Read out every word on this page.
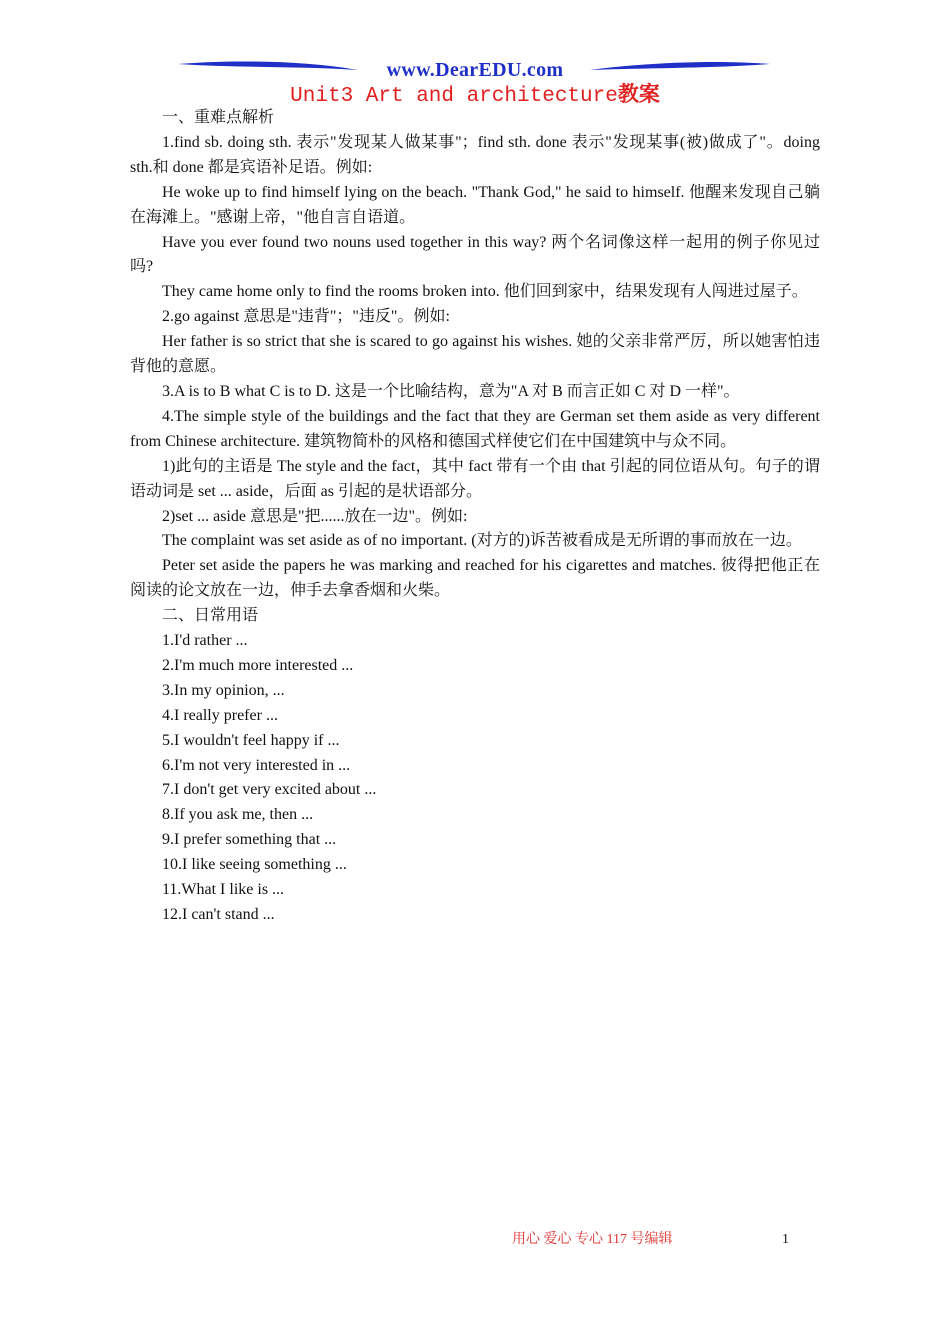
www.DearEDU.com
Unit3 Art and architecture教案

一、重难点解析

1.find sb. doing sth. 表示"发现某人做某事"；find sth. done 表示"发现某事(被)做成了"。doing sth.和 done 都是宾语补足语。例如:

He woke up to find himself lying on the beach. "Thank God," he said to himself. 他醒来发现自己躺在海滩上。"感谢上帝，"他自言自语道。

Have you ever found two nouns used together in this way? 两个名词像这样一起用的例子你见过吗?

They came home only to find the rooms broken into. 他们回到家中，结果发现有人闯进过屋子。

2.go against 意思是"违背"；"违反"。例如:

Her father is so strict that she is scared to go against his wishes. 她的父亲非常严厉，所以她害怕违背他的意愿。

3.A is to B what C is to D. 这是一个比喻结构，意为"A 对 B 而言正如 C 对 D 一样"。

4.The simple style of the buildings and the fact that they are German set them aside as very different from Chinese architecture. 建筑物简朴的风格和德国式样使它们在中国建筑中与众不同。

1)此句的主语是 The style and the fact，其中 fact 带有一个由 that 引起的同位语从句。句子的谓语动词是 set ... aside，后面 as 引起的是状语部分。

2)set ... aside 意思是"把......放在一边"。例如:

The complaint was set aside as of no important. (对方的)诉苦被看成是无所谓的事而放在一边。

Peter set aside the papers he was marking and reached for his cigarettes and matches. 彼得把他正在阅读的论文放在一边，伸手去拿香烟和火柴。

二、日常用语

1.I'd rather ...

2.I'm much more interested ...

3.In my opinion, ...

4.I really prefer ...

5.I wouldn't feel happy if ...

6.I'm not very interested in ...

7.I don't get very excited about ...

8.If you ask me, then ...

9.I prefer something that ...

10.I like seeing something ...

11.What I like is ...

12.I can't stand ...

用心 爱心 专心 117 号编辑	1
